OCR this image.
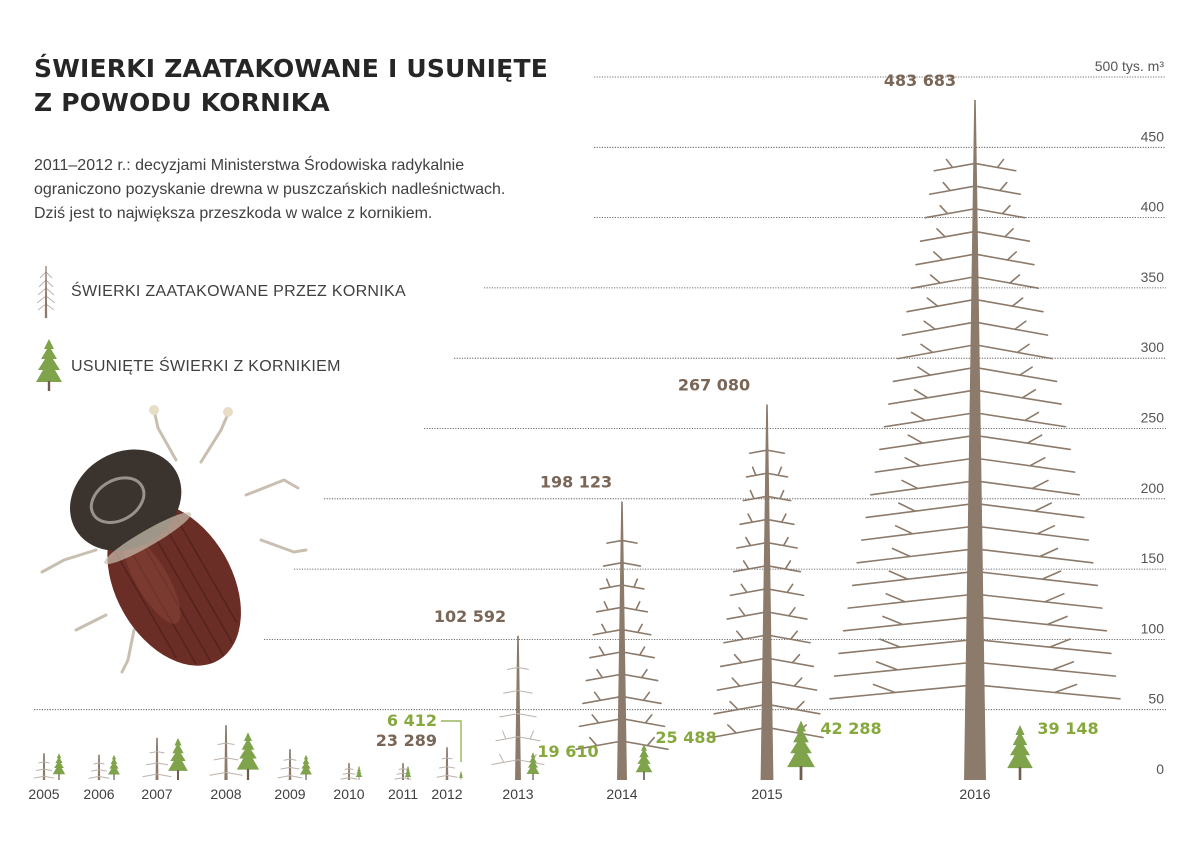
ŚWIERKI ZAATAKOWANE I USUNIĘTE
Z POWODU KORNIKA

2011–2012 r.: decyzjami Ministerstwa Środowiska radykalnie
ograniczono pozyskanie drewna w puszczańskich nadleśnictwach.
Dziś jest to największa przeszkoda w walce z kornikiem.

ŚWIERKI ZAATAKOWANE PRZEZ KORNIKA
USUNIĘTE ŚWIERKI Z KORNIKIEM
0
50
100
150
200
250
300
350
400
450
500 tys. m³
102 592
198 123
267 080
483 683
23 289
6 412
19 610
25 488	42 288	39 148
2005 2006 2007	2008 2009 2010 2011 2012	2013	2014	2015	2016
